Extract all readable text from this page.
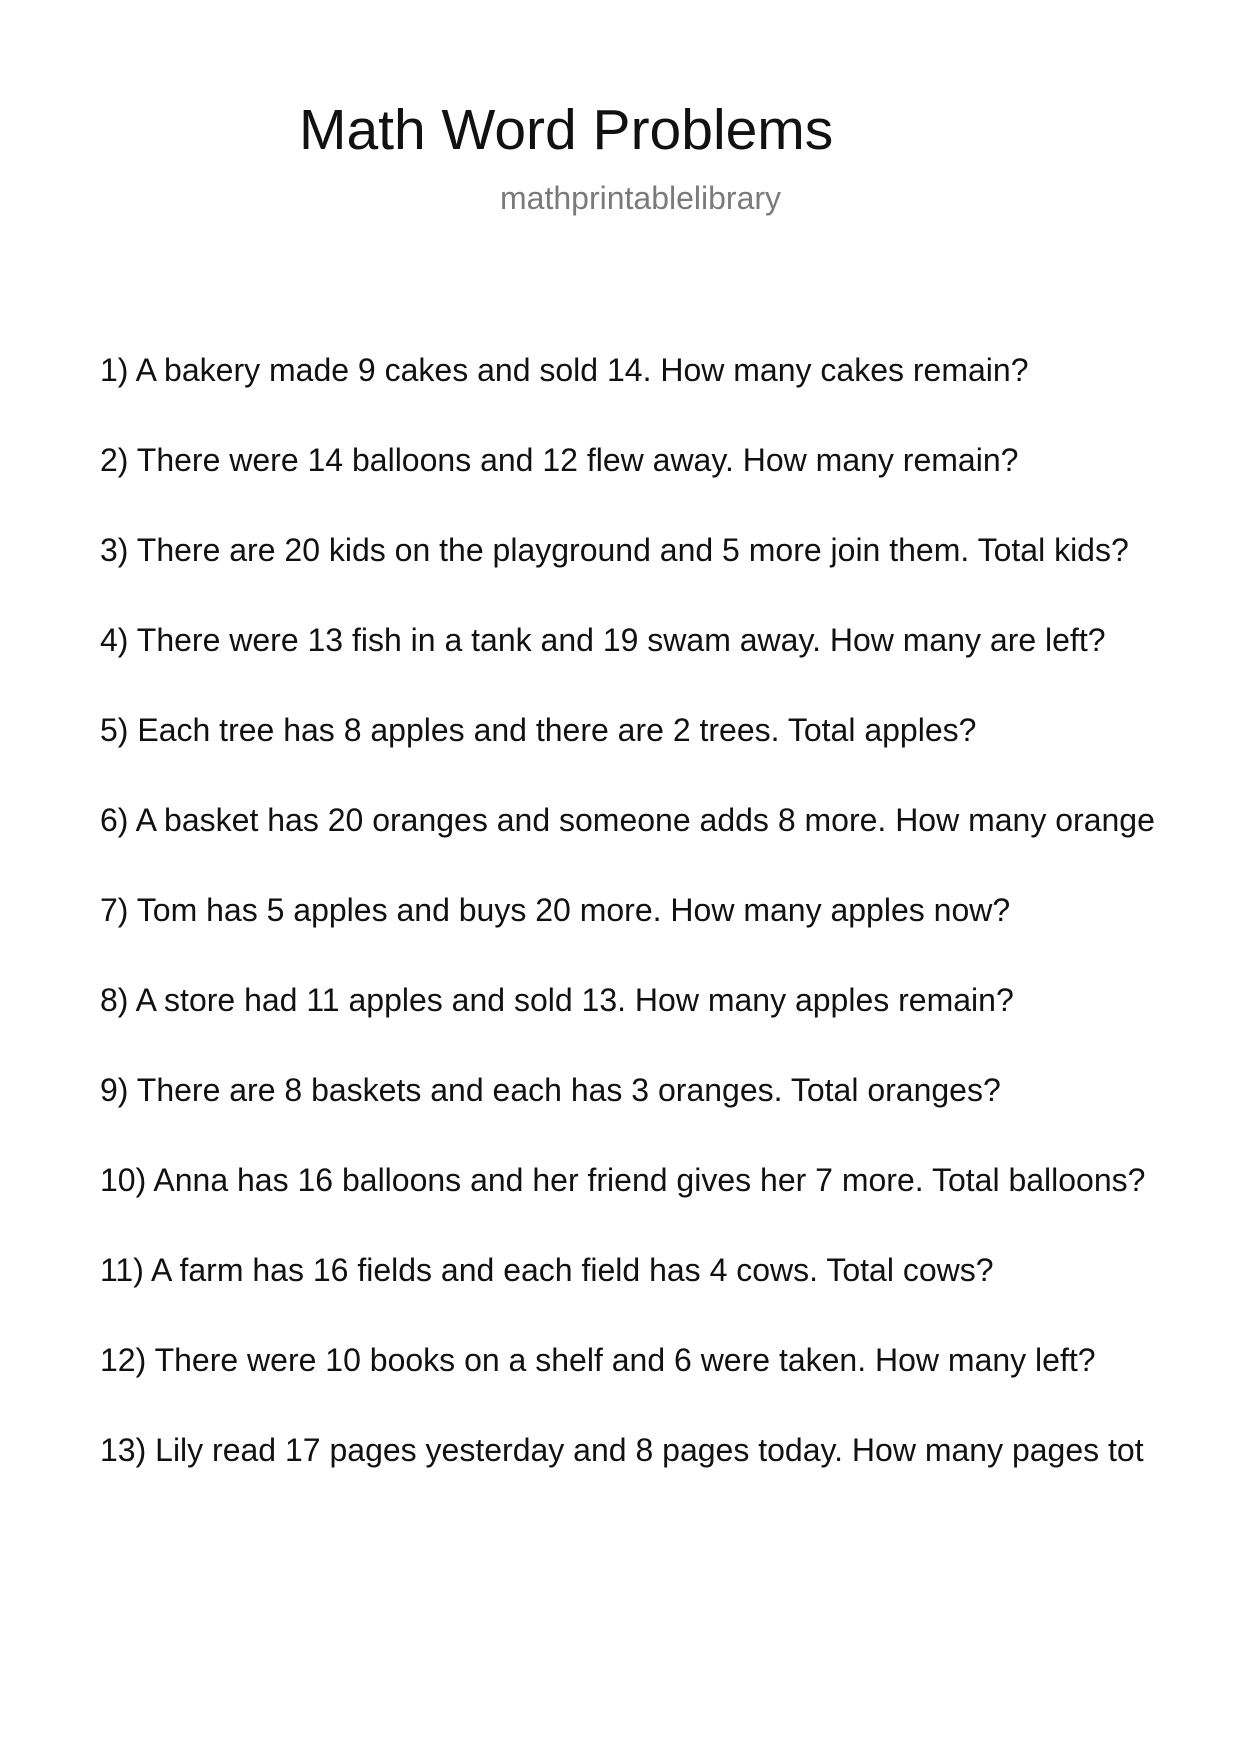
Math Word Problems
mathprintablelibrary
1) A bakery made 9 cakes and sold 14. How many cakes remain?
2) There were 14 balloons and 12 flew away. How many remain?
3) There are 20 kids on the playground and 5 more join them. Total kids?
4) There were 13 fish in a tank and 19 swam away. How many are left?
5) Each tree has 8 apples and there are 2 trees. Total apples?
6) A basket has 20 oranges and someone adds 8 more. How many orange
7) Tom has 5 apples and buys 20 more. How many apples now?
8) A store had 11 apples and sold 13. How many apples remain?
9) There are 8 baskets and each has 3 oranges. Total oranges?
10) Anna has 16 balloons and her friend gives her 7 more. Total balloons?
11) A farm has 16 fields and each field has 4 cows. Total cows?
12) There were 10 books on a shelf and 6 were taken. How many left?
13) Lily read 17 pages yesterday and 8 pages today. How many pages tot
